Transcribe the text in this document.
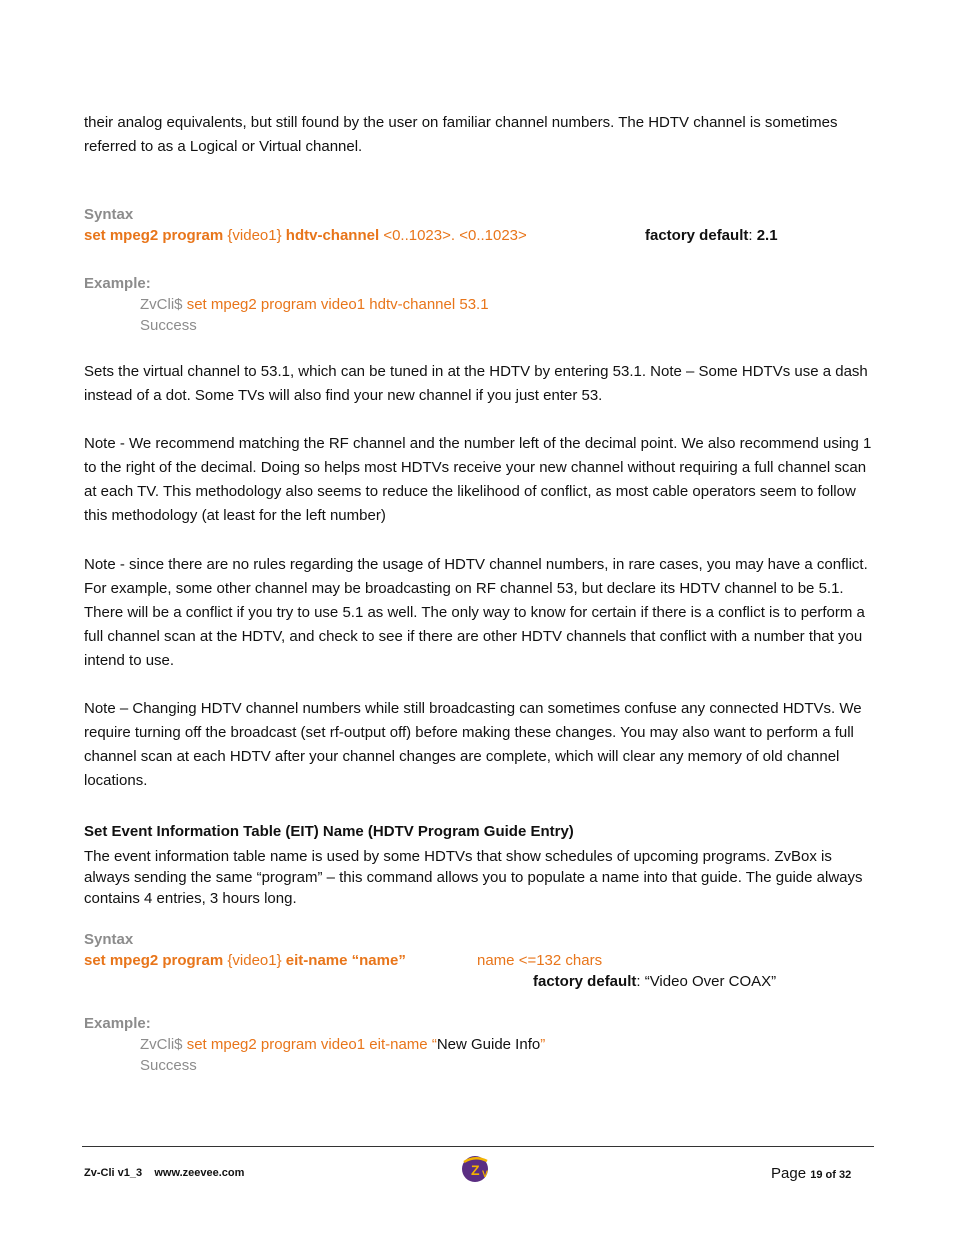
their analog equivalents, but still found by the user on familiar channel numbers. The HDTV channel is sometimes referred to as a Logical or Virtual channel.
Syntax
set mpeg2 program {video1} hdtv-channel <0..1023>. <0..1023>	factory default: 2.1
Example:
ZvCli$ set mpeg2 program video1 hdtv-channel 53.1
Success
Sets the virtual channel to 53.1, which can be tuned in at the HDTV by entering 53.1. Note – Some HDTVs use a dash instead of a dot. Some TVs will also find your new channel if you just enter 53.
Note - We recommend matching the RF channel and the number left of the decimal point. We also recommend using 1 to the right of the decimal. Doing so helps most HDTVs receive your new channel without requiring a full channel scan at each TV. This methodology also seems to reduce the likelihood of conflict, as most cable operators seem to follow this methodology (at least for the left number)
Note - since there are no rules regarding the usage of HDTV channel numbers, in rare cases, you may have a conflict. For example, some other channel may be broadcasting on RF channel 53, but declare its HDTV channel to be 5.1. There will be a conflict if you try to use 5.1 as well. The only way to know for certain if there is a conflict is to perform a full channel scan at the HDTV, and check to see if there are other HDTV channels that conflict with a number that you intend to use.
Note – Changing HDTV channel numbers while still broadcasting can sometimes confuse any connected HDTVs. We require turning off the broadcast (set rf-output off) before making these changes. You may also want to perform a full channel scan at each HDTV after your channel changes are complete, which will clear any memory of old channel locations.
Set Event Information Table (EIT) Name (HDTV Program Guide Entry)
The event information table name is used by some HDTVs that show schedules of upcoming programs. ZvBox is always sending the same “program” – this command allows you to populate a name into that guide. The guide always contains 4 entries, 3 hours long.
Syntax
set mpeg2 program {video1} eit-name “name”	name <=132 chars
factory default: “Video Over COAX”
Example:
ZvCli$ set mpeg2 program video1 eit-name “New Guide Info”
Success
Zv-Cli v1_3 www.zeevee.com	Z V	Page 19 of 32
